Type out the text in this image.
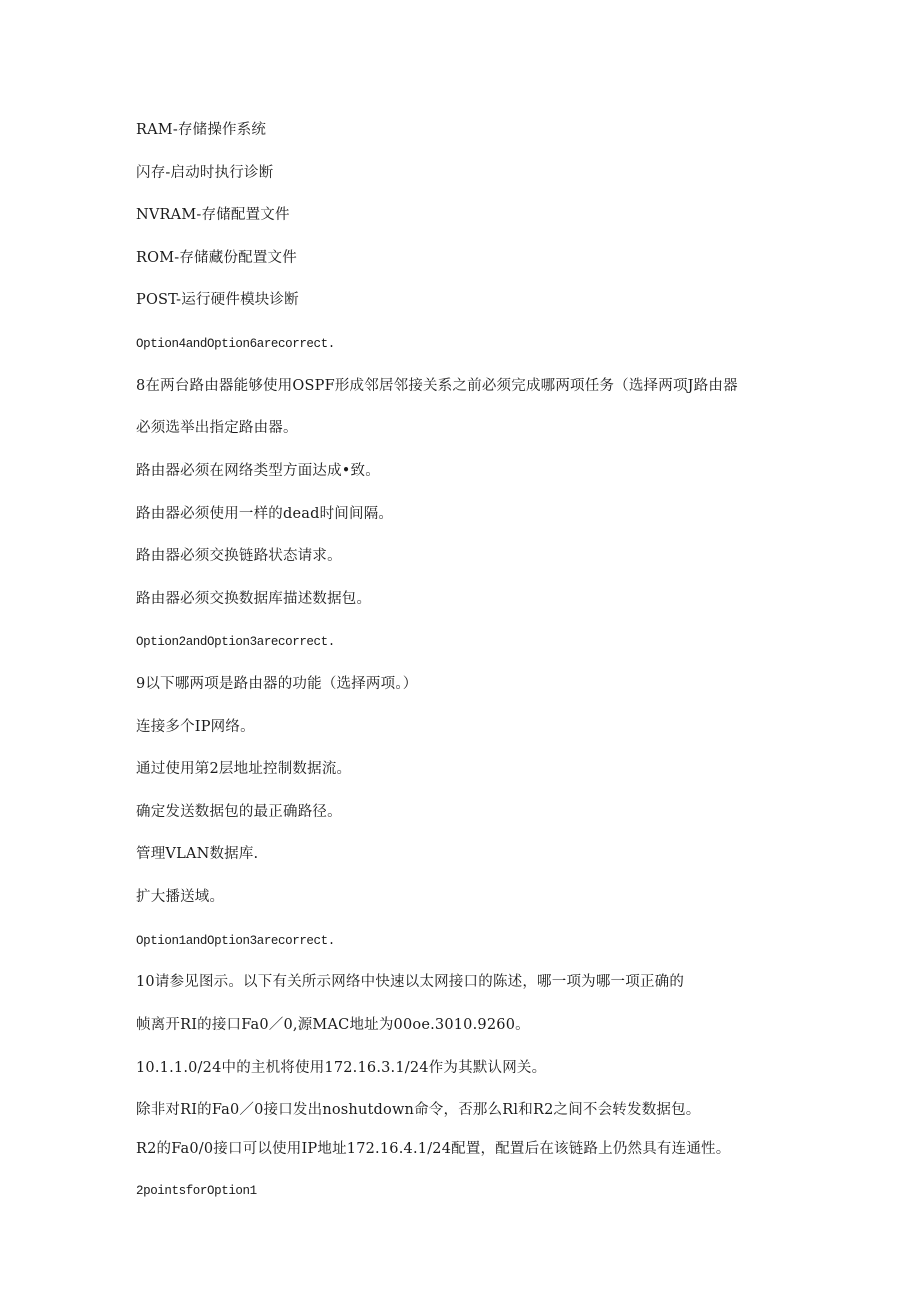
RAM-存储操作系统
闪存-启动时执行诊断
NVRAM-存储配置文件
ROM-存储藏份配置文件
POST-运行硬件模块诊断
Option4andOption6arecorrect.
8在两台路由器能够使用OSPF形成邻居邻接关系之前必须完成哪两项任务（选择两项J路由器
必须选举出指定路由器。
路由器必须在网络类型方面达成•致。
路由器必须使用一样的dead时间间隔。
路由器必须交换链路状态请求。
路由器必须交换数据库描述数据包。
Option2andOption3arecorrect.
9以下哪两项是路由器的功能（选择两项。）
连接多个IP网络。
通过使用第2层地址控制数据流。
确定发送数据包的最正确路径。
管理VLAN数据库.
扩大播送域。
Option1andOption3arecorrect.
10请参见图示。以下有关所示网络中快速以太网接口的陈述，哪一项为哪一项正确的
帧离开RI的接口Fa0／0,源MAC地址为00oe.3010.9260。
10.1.1.0/24中的主机将使用172.16.3.1/24作为其默认网关。
除非对RI的Fa0／0接口发出noshutdown命令，否那么Rl和R2之间不会转发数据包。
R2的Fa0/0接口可以使用IP地址172.16.4.1/24配置，配置后在该链路上仍然具有连通性。
2pointsforOption1
